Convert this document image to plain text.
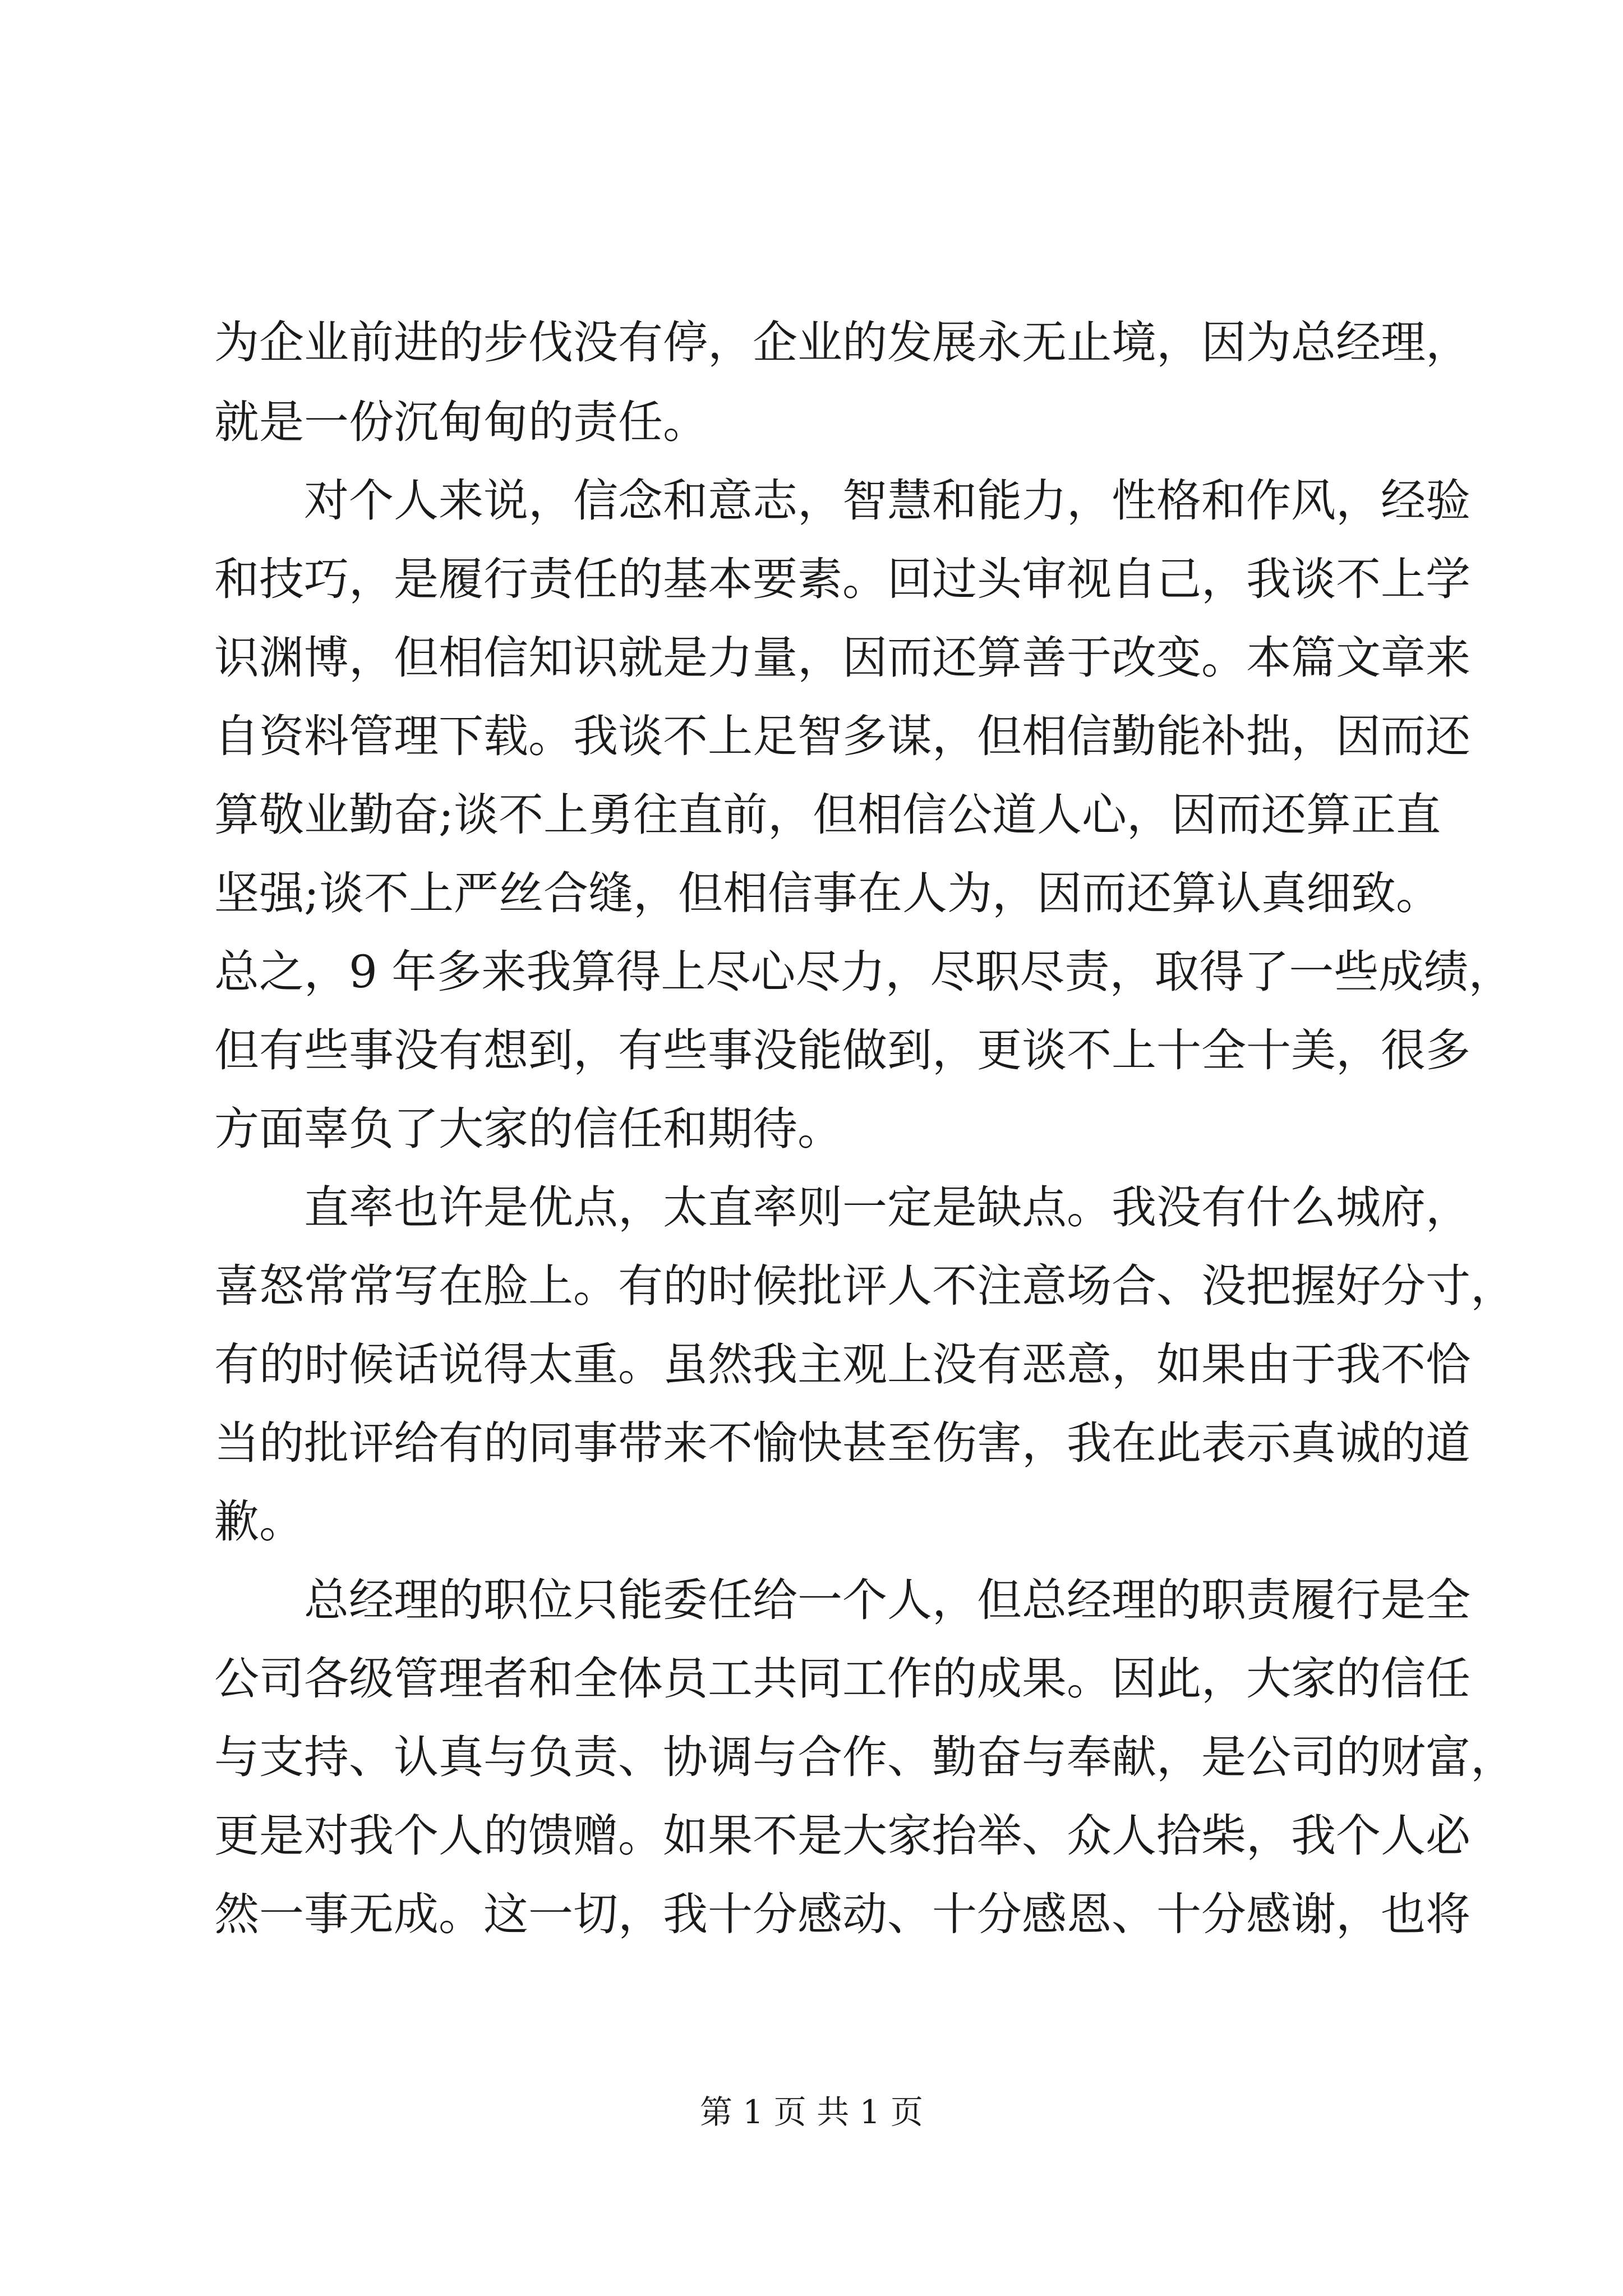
为企业前进的步伐没有停，企业的发展永无止境，因为总经理，
就是一份沉甸甸的责任。
对个人来说，信念和意志，智慧和能力，性格和作风，经验
和技巧，是履行责任的基本要素。回过头审视自己，我谈不上学
识渊博，但相信知识就是力量，因而还算善于改变。本篇文章来
自资料管理下载。我谈不上足智多谋，但相信勤能补拙，因而还
算敬业勤奋;谈不上勇往直前，但相信公道人心，因而还算正直
坚强;谈不上严丝合缝，但相信事在人为，因而还算认真细致。
总之，9 年多来我算得上尽心尽力，尽职尽责，取得了一些成绩，
但有些事没有想到，有些事没能做到，更谈不上十全十美，很多
方面辜负了大家的信任和期待。
直率也许是优点，太直率则一定是缺点。我没有什么城府，
喜怒常常写在脸上。有的时候批评人不注意场合、没把握好分寸，
有的时候话说得太重。虽然我主观上没有恶意，如果由于我不恰
当的批评给有的同事带来不愉快甚至伤害，我在此表示真诚的道
歉。
总经理的职位只能委任给一个人，但总经理的职责履行是全
公司各级管理者和全体员工共同工作的成果。因此，大家的信任
与支持、认真与负责、协调与合作、勤奋与奉献，是公司的财富，
更是对我个人的馈赠。如果不是大家抬举、众人拾柴，我个人必
然一事无成。这一切，我十分感动、十分感恩、十分感谢，也将
第 1 页 共 1 页
